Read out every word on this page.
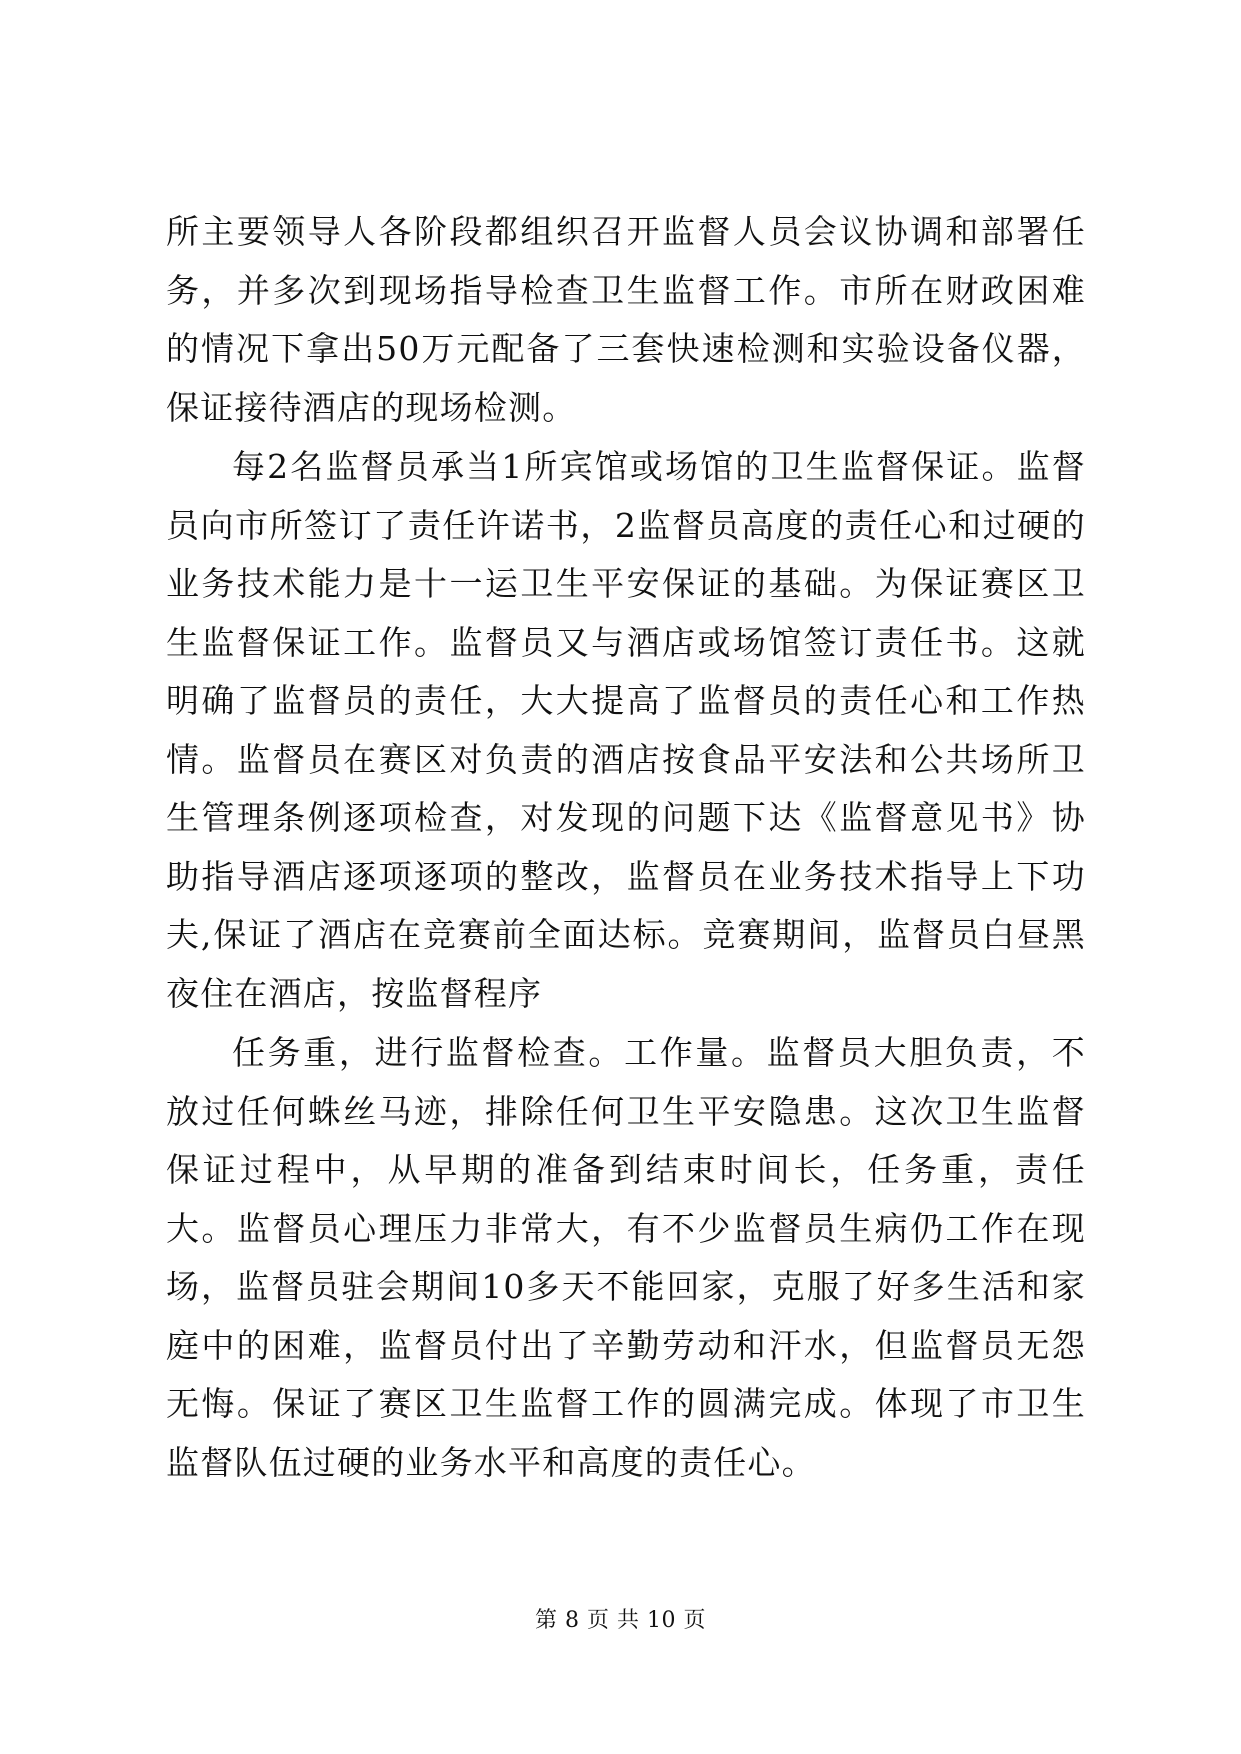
所主要领导人各阶段都组织召开监督人员会议协调和部署任务，并多次到现场指导检查卫生监督工作。市所在财政困难的情况下拿出50万元配备了三套快速检测和实验设备仪器，保证接待酒店的现场检测。

每2名监督员承当1所宾馆或场馆的卫生监督保证。监督员向市所签订了责任许诺书，2监督员高度的责任心和过硬的业务技术能力是十一运卫生平安保证的基础。为保证赛区卫生监督保证工作。监督员又与酒店或场馆签订责任书。这就明确了监督员的责任，大大提高了监督员的责任心和工作热情。监督员在赛区对负责的酒店按食品平安法和公共场所卫生管理条例逐项检查，对发现的问题下达《监督意见书》协助指导酒店逐项逐项的整改，监督员在业务技术指导上下功夫,保证了酒店在竞赛前全面达标。竞赛期间，监督员白昼黑夜住在酒店，按监督程序

任务重，进行监督检查。工作量。监督员大胆负责，不放过任何蛛丝马迹，排除任何卫生平安隐患。这次卫生监督保证过程中，从早期的准备到结束时间长，任务重，责任大。监督员心理压力非常大，有不少监督员生病仍工作在现场，监督员驻会期间10多天不能回家，克服了好多生活和家庭中的困难，监督员付出了辛勤劳动和汗水，但监督员无怨无悔。保证了赛区卫生监督工作的圆满完成。体现了市卫生监督队伍过硬的业务水平和高度的责任心。

第 8 页 共 10 页
